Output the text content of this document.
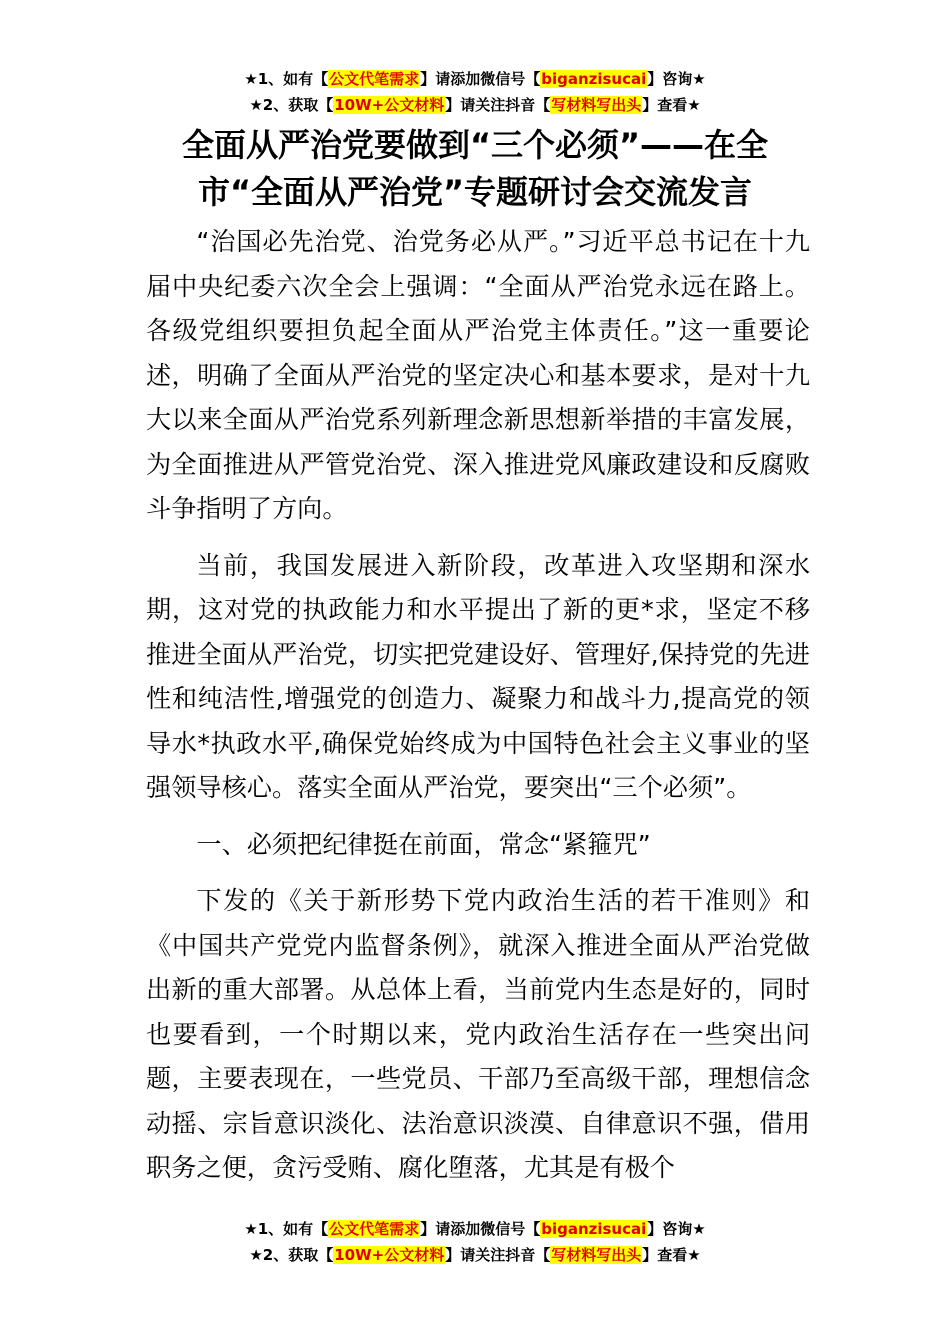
★1、如有【公文代笔需求】请添加微信号【biganzisucai】咨询★
★2、获取【10W+公文材料】请关注抖音【写材料写出头】查看★
全面从严治党要做到“三个必须”——在全市“全面从严治党”专题研讨会交流发言

“治国必先治党、治党务必从严。”习近平总书记在十九届中央纪委六次全会上强调：“全面从严治党永远在路上。各级党组织要担负起全面从严治党主体责任。”这一重要论述，明确了全面从严治党的坚定决心和基本要求，是对十九大以来全面从严治党系列新理念新思想新举措的丰富发展，为全面推进从严管党治党、深入推进党风廉政建设和反腐败斗争指明了方向。

当前，我国发展进入新阶段，改革进入攻坚期和深水期，这对党的执政能力和水平提出了新的更*求，坚定不移推进全面从严治党，切实把党建设好、管理好,保持党的先进性和纯洁性,增强党的创造力、凝聚力和战斗力,提高党的领导水*执政水平,确保党始终成为中国特色社会主义事业的坚强领导核心。落实全面从严治党，要突出“三个必须”。

一、必须把纪律挺在前面，常念“紧箍咒”

下发的《关于新形势下党内政治生活的若干准则》和《中国共产党党内监督条例》，就深入推进全面从严治党做出新的重大部署。从总体上看，当前党内生态是好的，同时也要看到，一个时期以来，党内政治生活存在一些突出问题，主要表现在，一些党员、干部乃至高级干部，理想信念动摇、宗旨意识淡化、法治意识淡漠、自律意识不强，借用职务之便，贪污受贿、腐化堕落，尤其是有极个

★1、如有【公文代笔需求】请添加微信号【biganzisucai】咨询★
★2、获取【10W+公文材料】请关注抖音【写材料写出头】查看★
